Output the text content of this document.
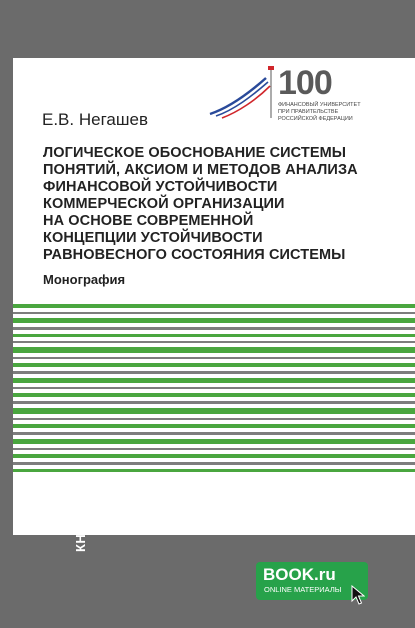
100
ФИНАНСОВЫЙ УНИВЕРСИТЕТ
ПРИ ПРАВИТЕЛЬСТВЕ
РОССИЙСКОЙ ФЕДЕРАЦИИ
Е.В. Негашев
ЛОГИЧЕСКОЕ ОБОСНОВАНИЕ СИСТЕМЫ
ПОНЯТИЙ, АКСИОМ И МЕТОДОВ АНАЛИЗА
ФИНАНСОВОЙ УСТОЙЧИВОСТИ
КОММЕРЧЕСКОЙ ОРГАНИЗАЦИИ
НА ОСНОВЕ СОВРЕМЕННОЙ
КОНЦЕПЦИИ УСТОЙЧИВОСТИ
РАВНОВЕСНОГО СОСТОЯНИЯ СИСТЕМЫ
Монография
КНОРУС
BOOK.ru
ONLINE МАТЕРИАЛЫ
